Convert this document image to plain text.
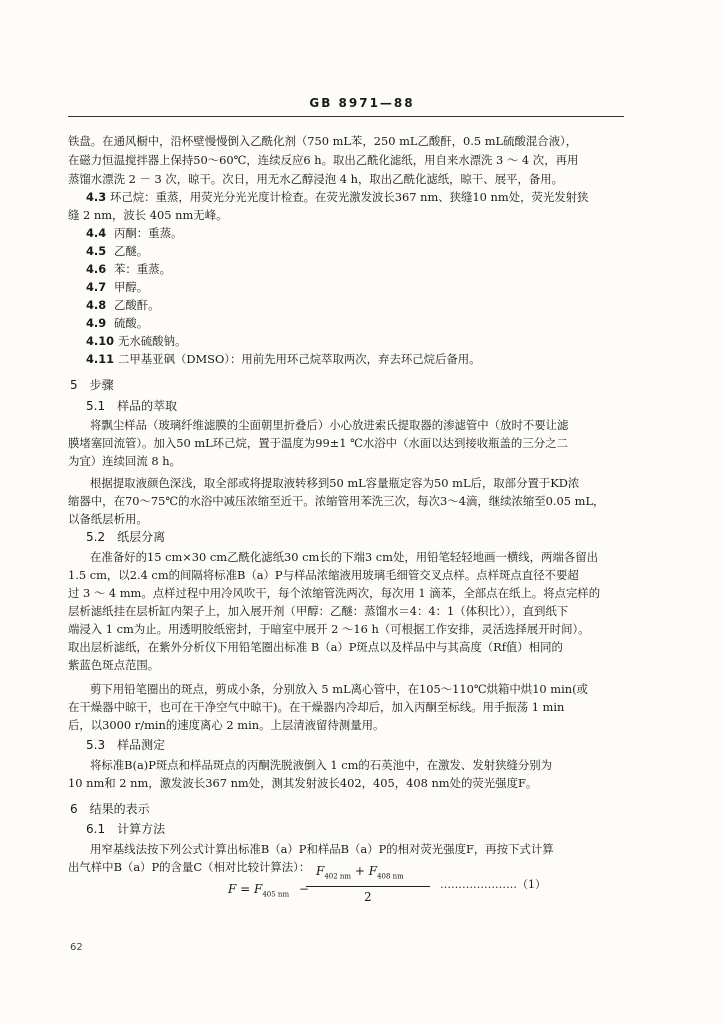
GB 8971—88
铁盘。在通风橱中，沿杯壁慢慢倒入乙酰化剂（750 mL苯，250 mL乙酸酐，0.5 mL硫酸混合液），
在磁力恒温搅拌器上保持50～60℃，连续反应6 h。取出乙酰化滤纸，用自来水漂洗 3 ～ 4 次，再用
蒸馏水漂洗 2 － 3 次，晾干。次日，用无水乙醇浸泡 4 h，取出乙酰化滤纸，晾干、展平，备用。
4.3 环己烷：重蒸，用荧光分光光度计检查。在荧光激发波长367 nm、狭缝10 nm处，荧光发射狭
缝 2 nm，波长 405 nm无峰。
4.4 丙酮：重蒸。
4.5 乙醚。
4.6 苯：重蒸。
4.7 甲醇。
4.8 乙酸酐。
4.9 硫酸。
4.10 无水硫酸钠。
4.11 二甲基亚砜（DMSO）：用前先用环己烷萃取两次，弃去环己烷后备用。
5　步骤
5.1　样品的萃取
将飘尘样品（玻璃纤维滤膜的尘面朝里折叠后）小心放进索氏提取器的渗滤管中（放时不要让滤
膜堵塞回流管）。加入50 mL环己烷，置于温度为99±1 ℃水浴中（水面以达到接收瓶盖的三分之二
为宜）连续回流 8 h。
根据提取液颜色深浅，取全部或将提取液转移到50 mL容量瓶定容为50 mL后，取部分置于KD浓
缩器中，在70～75℃的水浴中减压浓缩至近干。浓缩管用苯洗三次，每次3～4滴，继续浓缩至0.05 mL，
以备纸层析用。
5.2　纸层分离
在准备好的15 cm×30 cm乙酰化滤纸30 cm长的下端3 cm处，用铅笔轻轻地画一横线，两端各留出
1.5 cm，以2.4 cm的间隔将标准B（a）P与样品浓缩液用玻璃毛细管交叉点样。点样斑点直径不要超
过 3 ～ 4 mm。点样过程中用冷风吹干，每个浓缩管洗两次，每次用 1 滴苯，全部点在纸上。将点完样的
层析滤纸挂在层析缸内架子上，加入展开剂（甲醇：乙醚：蒸馏水＝4：4：1（体积比）），直到纸下
端浸入 1 cm为止。用透明胶纸密封，于暗室中展开 2 ～16 h（可根据工作安排，灵活选择展开时间）。
取出层析滤纸，在紫外分析仪下用铅笔圈出标准 B（a）P斑点以及样品中与其高度（Rf值）相同的
紫蓝色斑点范围。
剪下用铅笔圈出的斑点，剪成小条，分别放入 5 mL离心管中，在105～110℃烘箱中烘10 min(或
在干燥器中晾干，也可在干净空气中晾干)。在干燥器内冷却后，加入丙酮至标线。用手振荡 1 min
后，以3000 r/min的速度离心 2 min。上层清液留待测量用。
5.3　样品测定
将标准B(a)P斑点和样品斑点的丙酮洗脱液倒入 1 cm的石英池中，在激发、发射狭缝分别为
10 nm和 2 nm，激发波长367 nm处，测其发射波长402，405，408 nm处的荧光强度F。
6　结果的表示
6.1　计算方法
用窄基线法按下列公式计算出标准B（a）P和样品B（a）P的相对荧光强度F，再按下式计算
出气样中B（a）P的含量C（相对比较计算法）：
$F = F_{405 nm}$ −
$F_{402 nm} + F_{408 nm}$
2
…………………（1）
62
